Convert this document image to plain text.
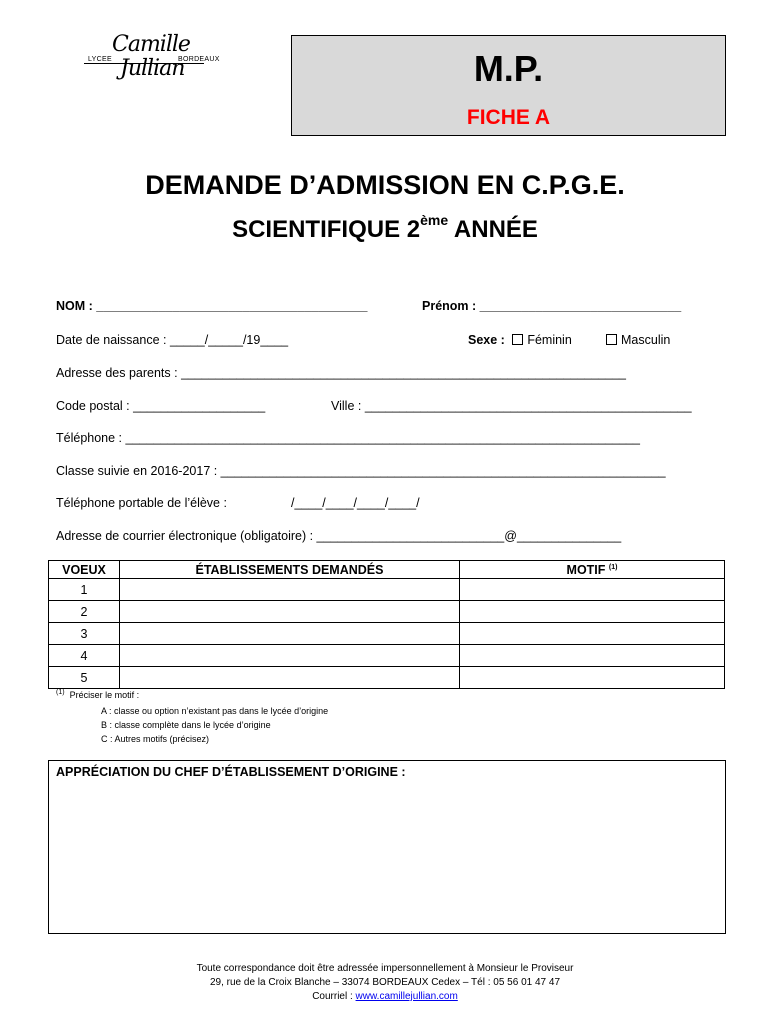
Camille
LYCEE	BORDEAUX
Jullian	M.P.
FICHE A
DEMANDE D’ADMISSION EN C.P.G.E.
SCIENTIFIQUE 2ème ANNÉE
NOM : _______________________________________	Prénom : _____________________________
Date de naissance : _____/_____/19____	Sexe : Féminin	Masculin
Adresse des parents : ________________________________________________________________
Code postal : ___________________	Ville : _______________________________________________
Téléphone : __________________________________________________________________________
Classe suivie en 2016-2017 : ________________________________________________________________
Téléphone portable de l’élève :	/____/____/____/____/
Adresse de courrier électronique (obligatoire) : ___________________________@_______________
VOEUX	ÉTABLISSEMENTS DEMANDÉS	MOTIF $^{(1)}$
1		
2		
3		
4		
5		
$^{(1)}$ Préciser le motif :
A : classe ou option n’existant pas dans le lycée d’origine
B : classe complète dans le lycée d’origine
C : Autres motifs (précisez)
APPRÉCIATION DU CHEF D’ÉTABLISSEMENT D’ORIGINE :
Toute correspondance doit être adressée impersonnellement à Monsieur le Proviseur
29, rue de la Croix Blanche – 33074 BORDEAUX Cedex – Tél : 05 56 01 47 47
Courriel : www.camillejullian.com
